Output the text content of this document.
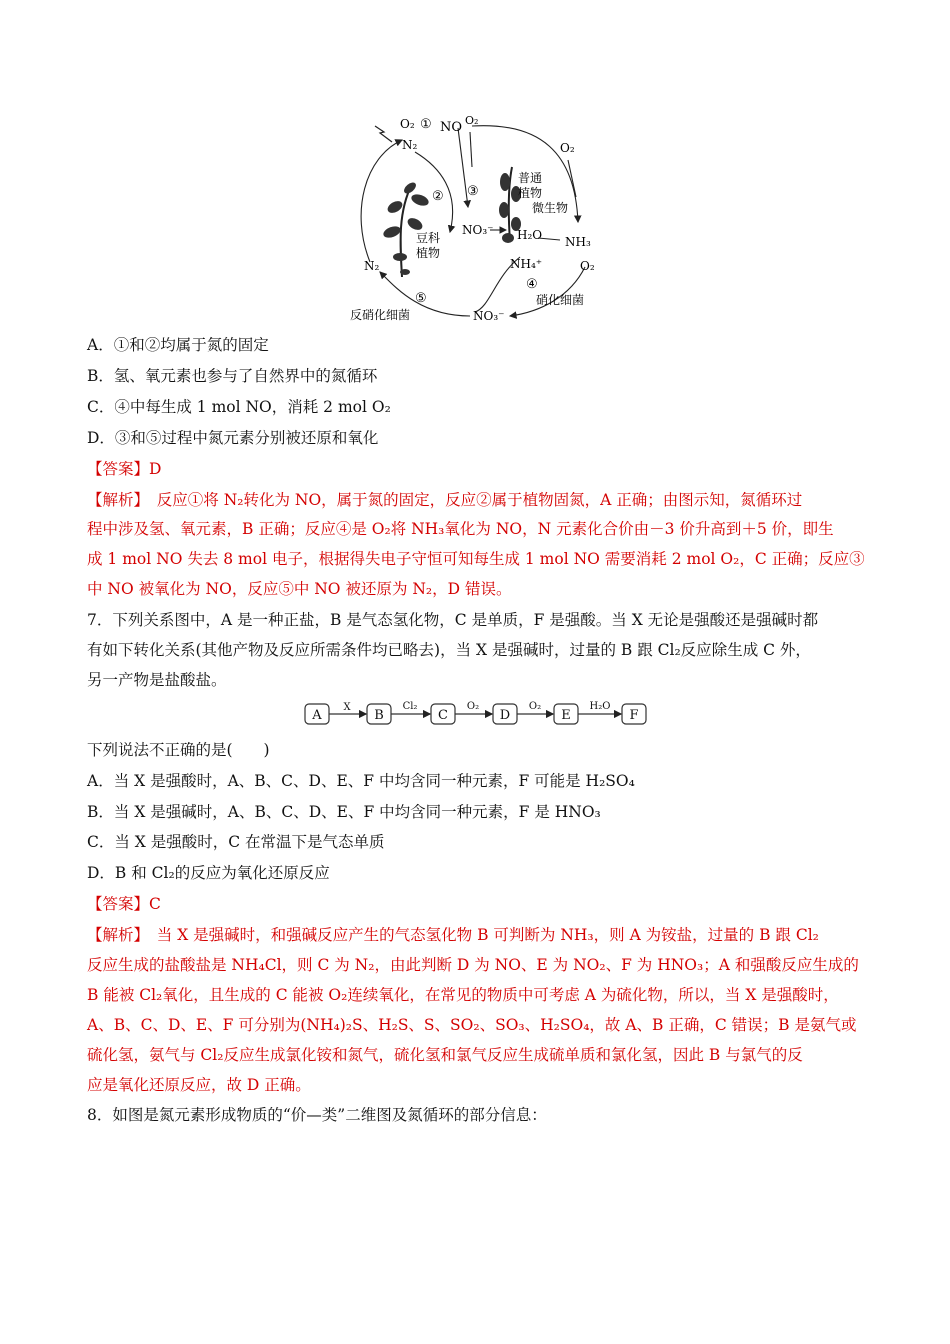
O₂ ① NO O₂
N₂
② ③
NO₃⁻
普通
植物
微生物
豆科
植物
O₂
H₂O NH₃
NH₄⁺	O₂
④
硝化细菌
N₂
⑤
反硝化细菌	NO₃⁻
A．①和②均属于氮的固定
B．氢、氧元素也参与了自然界中的氮循环
C．④中每生成 1 mol NO，消耗 2 mol O₂
D．③和⑤过程中氮元素分别被还原和氧化
【答案】D
【解析】　 反应①将 N₂转化为 NO，属于氮的固定，反应②属于植物固氮，A 正确；由图示知，氮循环过
程中涉及氢、氧元素，B 正确；反应④是 O₂将 NH₃氧化为 NO，N 元素化合价由－3 价升高到＋5 价，即生
成 1 mol NO 失去 8 mol 电子，根据得失电子守恒可知每生成 1 mol NO 需要消耗 2 mol O₂，C 正确；反应③
中 NO 被氧化为 NO，反应⑤中 NO 被还原为 N₂，D 错误。
7．下列关系图中，A 是一种正盐，B 是气态氢化物，C 是单质，F 是强酸。当 X 无论是强酸还是强碱时都
有如下转化关系(其他产物及反应所需条件均已略去)，当 X 是强碱时，过量的 B 跟 Cl₂反应除生成 C 外，
另一产物是盐酸盐。
A	B	C	D	E	F
X	Cl₂	O₂	O₂	H₂O
下列说法不正确的是(　　)
A．当 X 是强酸时，A、B、C、D、E、F 中均含同一种元素，F 可能是 H₂SO₄
B．当 X 是强碱时，A、B、C、D、E、F 中均含同一种元素，F 是 HNO₃
C．当 X 是强酸时，C 在常温下是气态单质
D．B 和 Cl₂的反应为氧化还原反应
【答案】C
【解析】　 当 X 是强碱时，和强碱反应产生的气态氢化物 B 可判断为 NH₃，则 A 为铵盐，过量的 B 跟 Cl₂
反应生成的盐酸盐是 NH₄Cl，则 C 为 N₂，由此判断 D 为 NO、E 为 NO₂、F 为 HNO₃；A 和强酸反应生成的
B 能被 Cl₂氧化，且生成的 C 能被 O₂连续氧化，在常见的物质中可考虑 A 为硫化物，所以，当 X 是强酸时，
A、B、C、D、E、F 可分别为(NH₄)₂S、H₂S、S、SO₂、SO₃、H₂SO₄，故 A、B 正确，C 错误；B 是氨气或
硫化氢，氨气与 Cl₂反应生成氯化铵和氮气，硫化氢和氯气反应生成硫单质和氯化氢，因此 B 与氯气的反
应是氧化还原反应，故 D 正确。
8．如图是氮元素形成物质的“价—类”二维图及氮循环的部分信息：
